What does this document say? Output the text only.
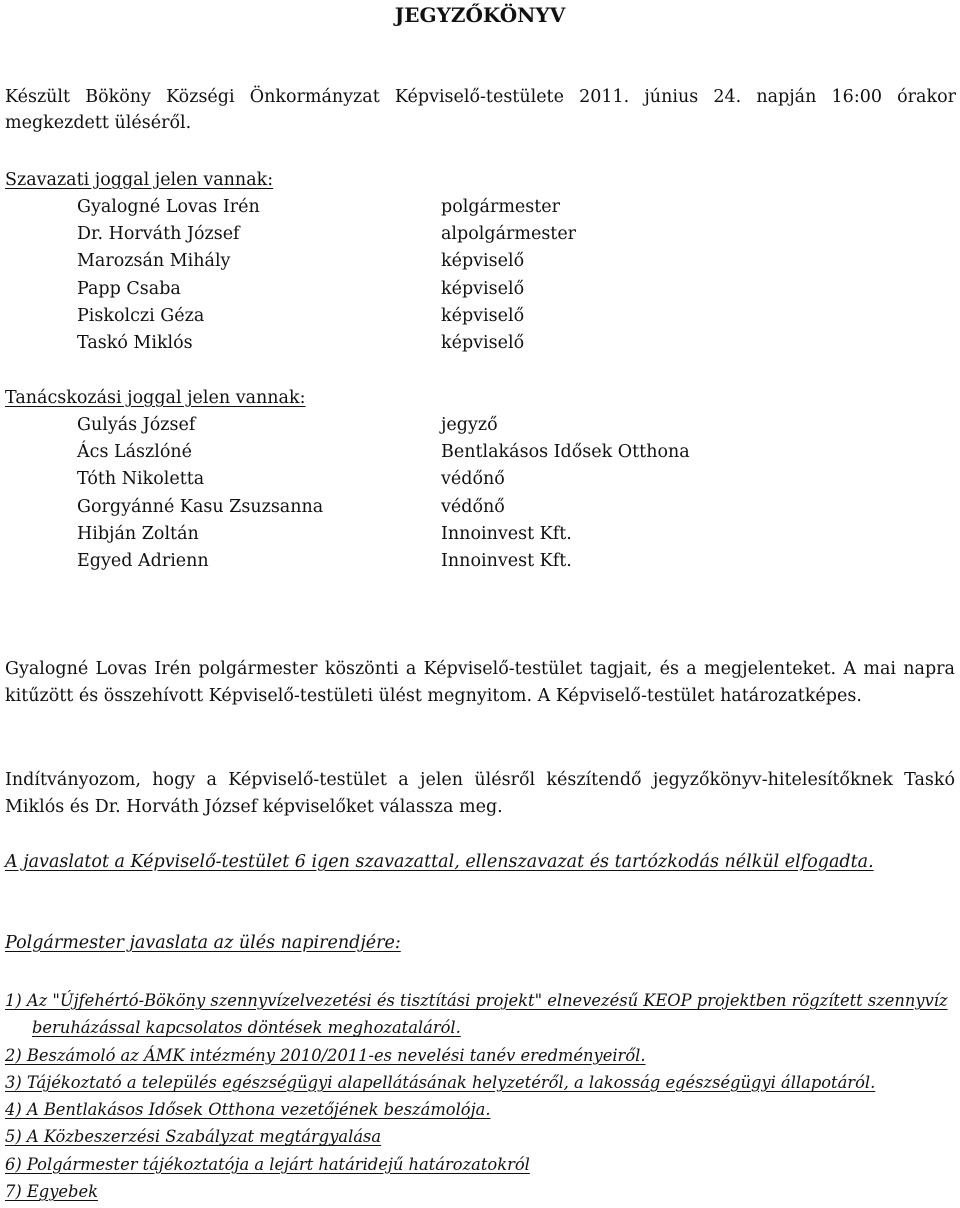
JEGYZŐKÖNYV
Készült Bököny Községi Önkormányzat Képviselő-testülete 2011. június 24. napján 16:00 órakor megkezdett üléséről.
Szavazati joggal jelen vannak:
Gyalogné Lovas Irén	polgármester
Dr. Horváth József	alpolgármester
Marozsán Mihály	képviselő
Papp Csaba	képviselő
Piskolczi Géza	képviselő
Taskó Miklós	képviselő
Tanácskozási joggal jelen vannak:
Gulyás József	jegyző
Ács Lászlóné	Bentlakásos Idősek Otthona
Tóth Nikoletta	védőnő
Gorgyánné Kasu Zsuzsanna	védőnő
Hibján Zoltán	Innoinvest Kft.
Egyed Adrienn	Innoinvest Kft.

Gyalogné Lovas Irén polgármester köszönti a Képviselő-testület tagjait, és a megjelenteket. A mai napra kitűzött és összehívott Képviselő-testületi ülést megnyitom. A Képviselő-testület határozatképes.

Indítványozom, hogy a Képviselő-testület a jelen ülésről készítendő jegyzőkönyv-hitelesítőknek Taskó Miklós és Dr. Horváth József képviselőket válassza meg.

A javaslatot a Képviselő-testület 6 igen szavazattal, ellenszavazat és tartózkodás nélkül elfogadta.

Polgármester javaslata az ülés napirendjére:

1) Az "Újfehértó-Bököny szennyvízelvezetési és tisztítási projekt" elnevezésű KEOP projektben rögzített szennyvíz
beruházással kapcsolatos döntések meghozataláról.
2) Beszámoló az ÁMK intézmény 2010/2011-es nevelési tanév eredményeiről.
3) Tájékoztató a település egészségügyi alapellátásának helyzetéről, a lakosság egészségügyi állapotáról.
4) A Bentlakásos Idősek Otthona vezetőjének beszámolója.
5) A Közbeszerzési Szabályzat megtárgyalása
6) Polgármester tájékoztatója a lejárt határidejű határozatokról
7) Egyebek
